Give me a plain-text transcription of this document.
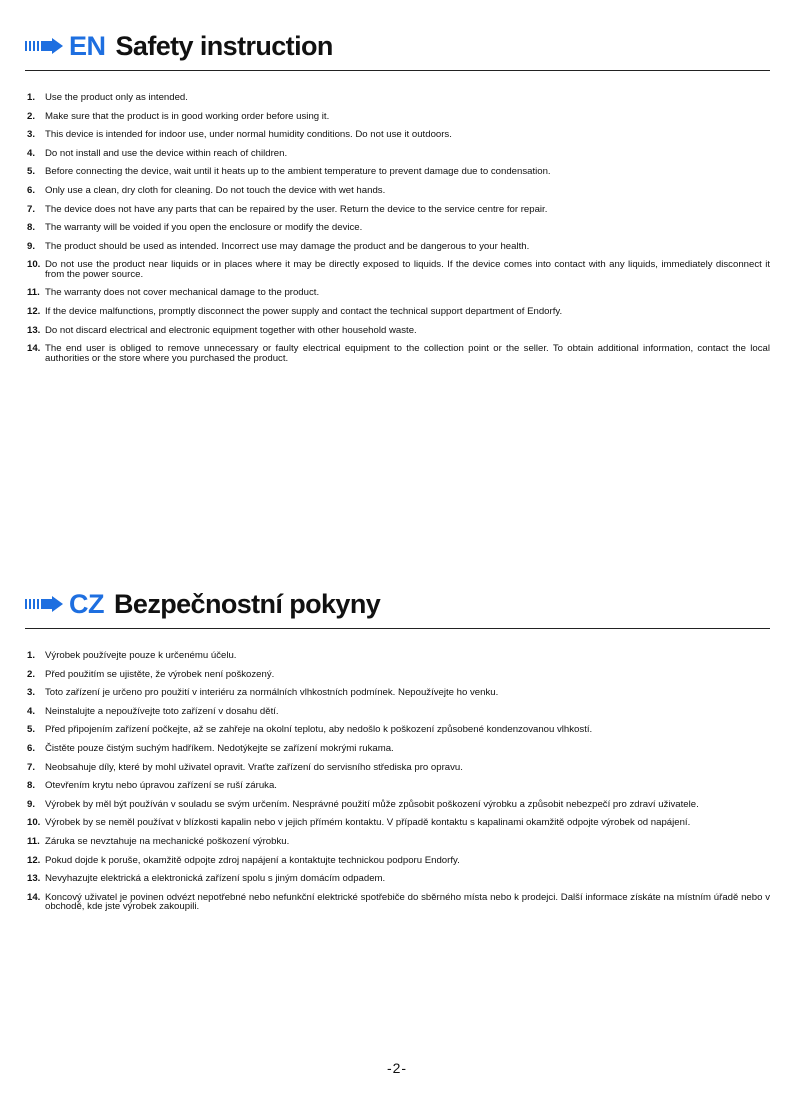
EN Safety instruction
1.	Use the product only as intended.
2.	Make sure that the product is in good working order before using it.
3.	This device is intended for indoor use, under normal humidity conditions. Do not use it outdoors.
4.	Do not install and use the device within reach of children.
5.	Before connecting the device, wait until it heats up to the ambient temperature to prevent damage due to condensation.
6.	Only use a clean, dry cloth for cleaning. Do not touch the device with wet hands.
7.	The device does not have any parts that can be repaired by the user. Return the device to the service centre for repair.
8.	The warranty will be voided if you open the enclosure or modify the device.
9.	The product should be used as intended. Incorrect use may damage the product and be dangerous to your health.
10. Do not use the product near liquids or in places where it may be directly exposed to liquids. If the device comes into contact with any liquids, immediately disconnect it from the power source.
11. The warranty does not cover mechanical damage to the product.
12. If the device malfunctions, promptly disconnect the power supply and contact the technical support department of Endorfy.
13. Do not discard electrical and electronic equipment together with other household waste.
14. The end user is obliged to remove unnecessary or faulty electrical equipment to the collection point or the seller. To obtain additional information, contact the local authorities or the store where you purchased the product.
CZ Bezpečnostní pokyny
1.	Výrobek používejte pouze k určenému účelu.
2.	Před použitím se ujistěte, že výrobek není poškozený.
3.	Toto zařízení je určeno pro použití v interiéru za normálních vlhkostních podmínek. Nepoužívejte ho venku.
4.	Neinstalujte a nepoužívejte toto zařízení v dosahu dětí.
5.	Před připojením zařízení počkejte, až se zahřeje na okolní teplotu, aby nedošlo k poškození způsobené kondenzovanou vlhkostí.
6.	Čistěte pouze čistým suchým hadříkem. Nedotýkejte se zařízení mokrými rukama.
7.	Neobsahuje díly, které by mohl uživatel opravit. Vraťte zařízení do servisního střediska pro opravu.
8.	Otevřením krytu nebo úpravou zařízení se ruší záruka.
9.	Výrobek by měl být používán v souladu se svým určením. Nesprávné použití může způsobit poškození výrobku a způsobit nebezpečí pro zdraví uživatele.
10. Výrobek by se neměl používat v blízkosti kapalin nebo v jejich přímém kontaktu. V případě kontaktu s kapalinami okamžitě odpojte výrobek od napájení.
11. Záruka se nevztahuje na mechanické poškození výrobku.
12. Pokud dojde k poruše, okamžitě odpojte zdroj napájení a kontaktujte technickou podporu Endorfy.
13. Nevyhazujte elektrická a elektronická zařízení spolu s jiným domácím odpadem.
14. Koncový uživatel je povinen odvézt nepotřebné nebo nefunkční elektrické spotřebiče do sběrného místa nebo k prodejci. Další informace získáte na místním úřadě nebo v obchodě, kde jste výrobek zakoupili.
-2-
